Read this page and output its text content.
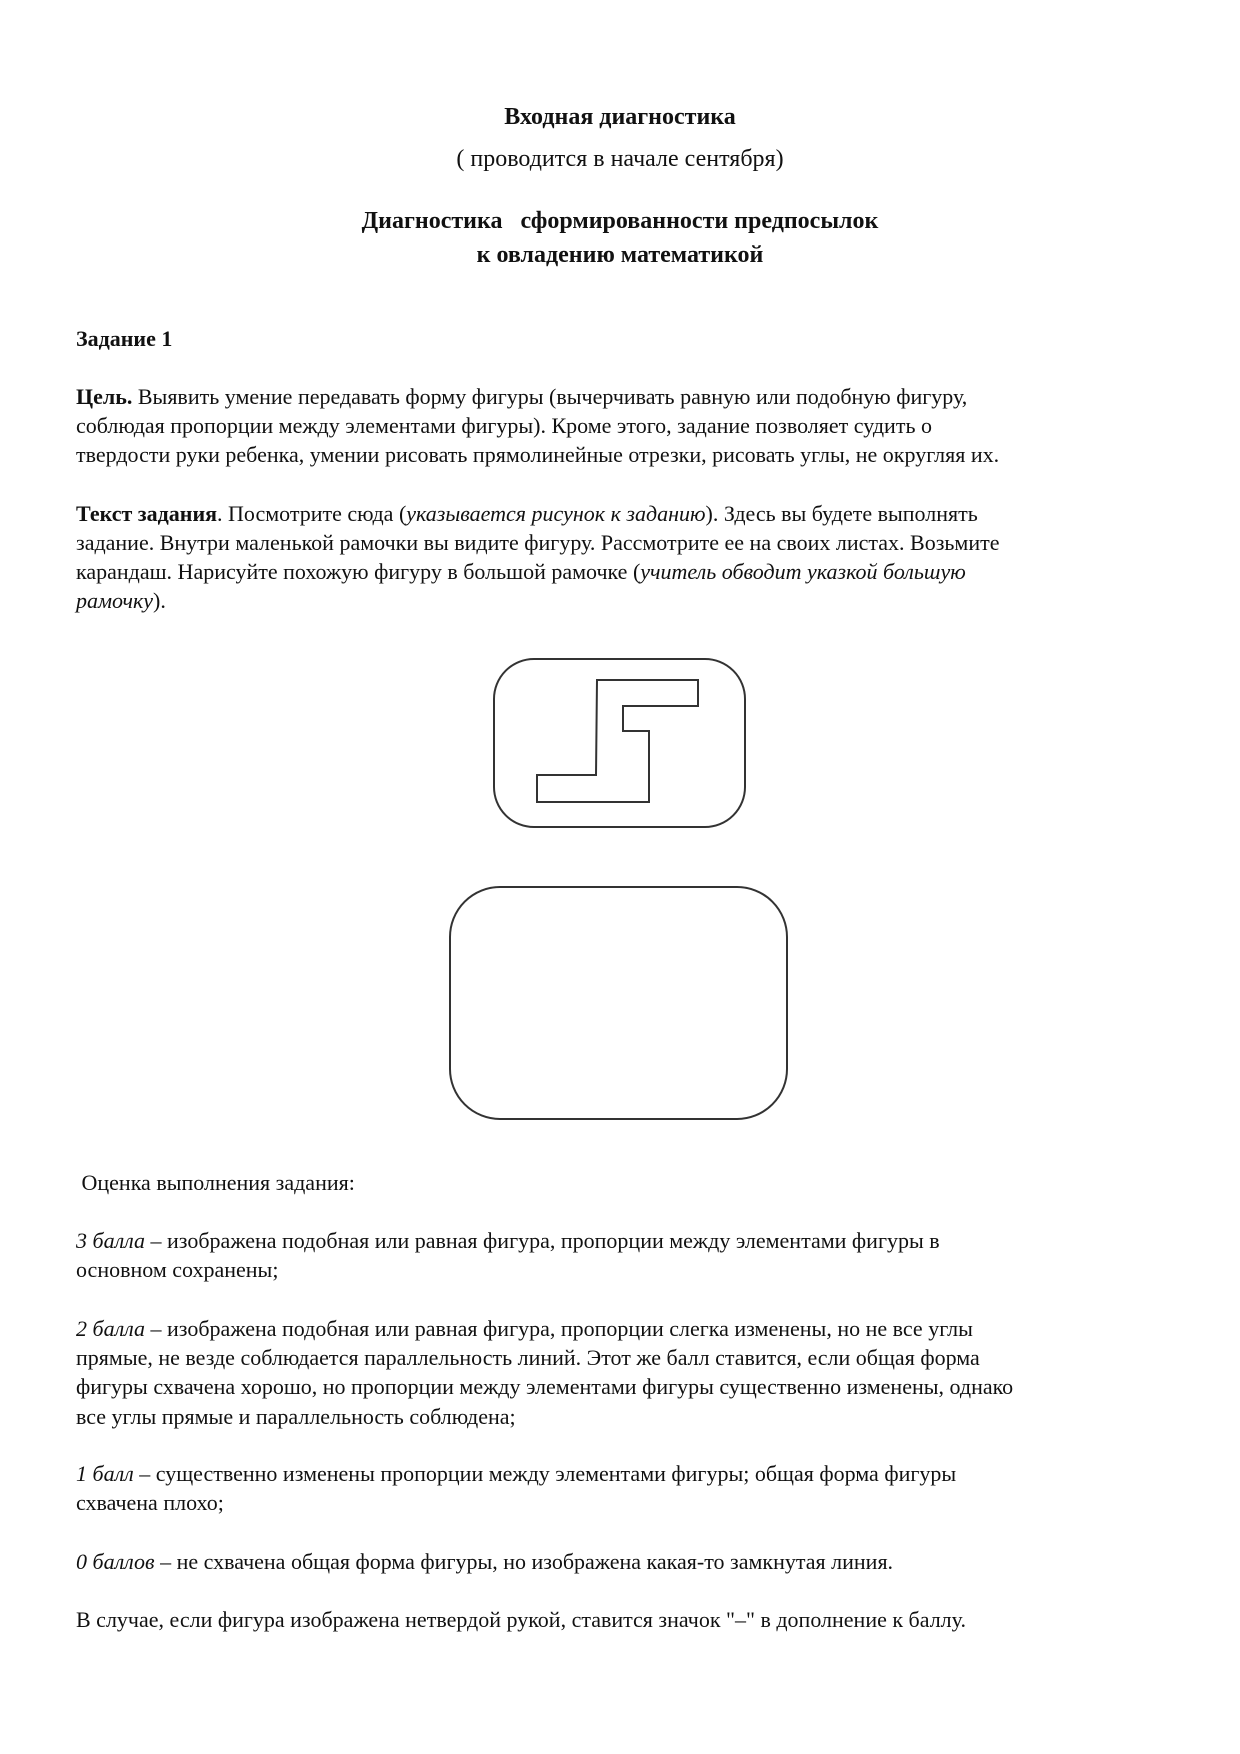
Входная диагностика
( проводится в начале сентября)
Диагностика   сформированности предпосылок
к овладению математикой
Задание 1
Цель. Выявить умение передавать форму фигуры (вычерчивать равную или подобную фигуру,
соблюдая пропорции между элементами фигуры). Кроме этого, задание позволяет судить о
твердости руки ребенка, умении рисовать прямолинейные отрезки, рисовать углы, не округляя их.
Текст задания. Посмотрите сюда (указывается рисунок к заданию). Здесь вы будете выполнять
задание. Внутри маленькой рамочки вы видите фигуру. Рассмотрите ее на своих листах. Возьмите
карандаш. Нарисуйте похожую фигуру в большой рамочке (учитель обводит указкой большую
рамочку).
Оценка выполнения задания:
3 балла – изображена подобная или равная фигура, пропорции между элементами фигуры в
основном сохранены;
2 балла – изображена подобная или равная фигура, пропорции слегка изменены, но не все углы
прямые, не везде соблюдается параллельность линий. Этот же балл ставится, если общая форма
фигуры схвачена хорошо, но пропорции между элементами фигуры существенно изменены, однако
все углы прямые и параллельность соблюдена;
1 балл – существенно изменены пропорции между элементами фигуры; общая форма фигуры
схвачена плохо;
0 баллов – не схвачена общая форма фигуры, но изображена какая-то замкнутая линия.
В случае, если фигура изображена нетвердой рукой, ставится значок "–" в дополнение к баллу.
